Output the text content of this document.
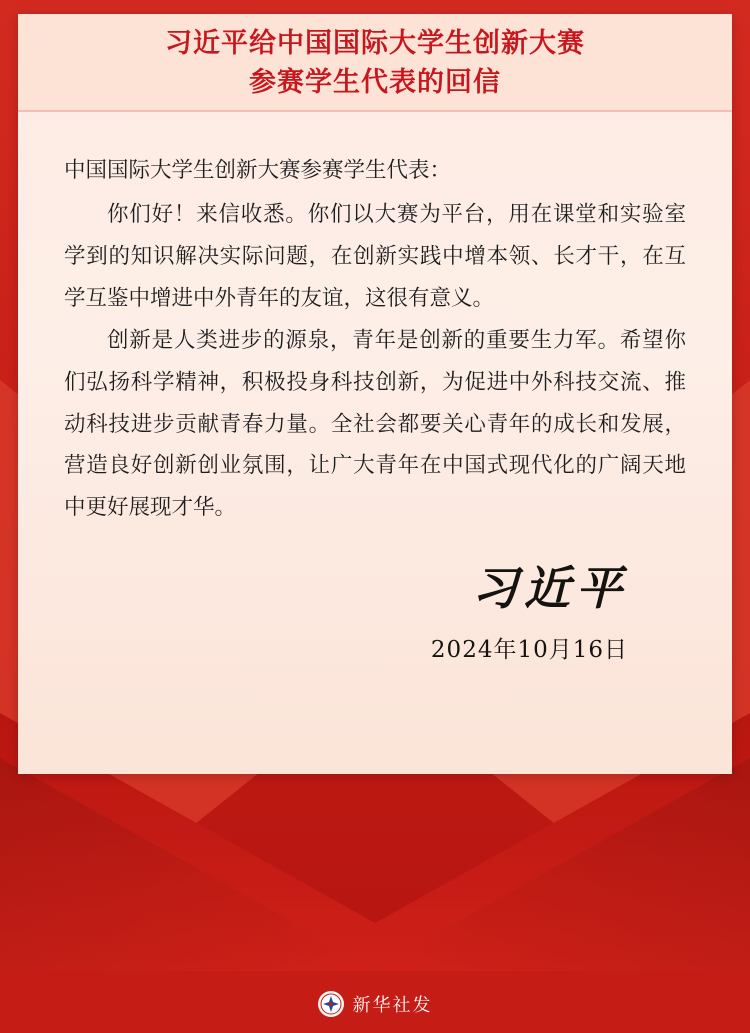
习近平给中国国际大学生创新大赛
参赛学生代表的回信

中国国际大学生创新大赛参赛学生代表：

你们好！来信收悉。你们以大赛为平台，用在课堂和实验室学到的知识解决实际问题，在创新实践中增本领、长才干，在互学互鉴中增进中外青年的友谊，这很有意义。

创新是人类进步的源泉，青年是创新的重要生力军。希望你们弘扬科学精神，积极投身科技创新，为促进中外科技交流、推动科技进步贡献青春力量。全社会都要关心青年的成长和发展，营造良好创新创业氛围，让广大青年在中国式现代化的广阔天地中更好展现才华。

习近平
2024年10月16日
新华社发
